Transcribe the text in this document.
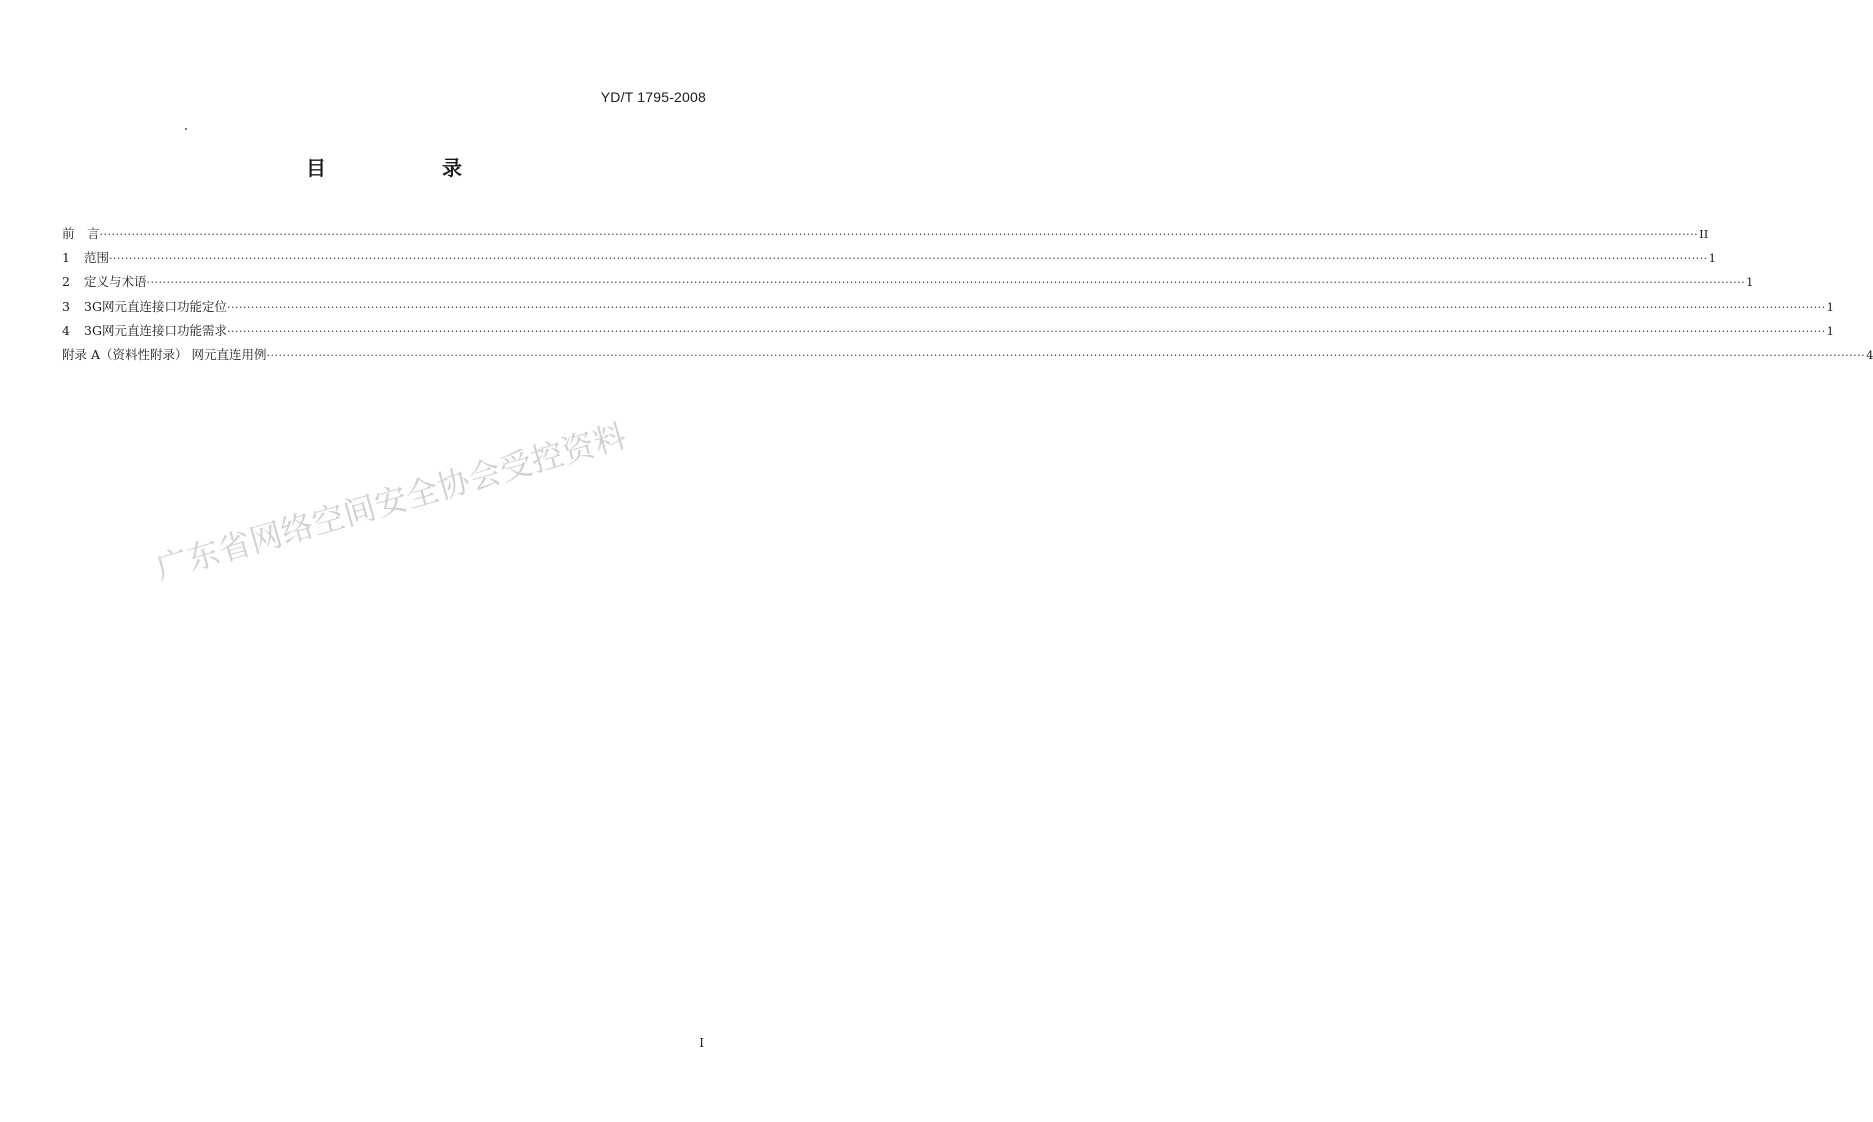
YD/T 1795-2008
目　录
前　言 ················································································································································································································································································································································································································ II
1	范围 ················································································································································································································································································································································································································ 1
2	定义与术语 ················································································································································································································································································································································································································ 1
3	3G网元直连接口功能定位 ················································································································································································································································································································································································································ 1
4	3G网元直连接口功能需求 ················································································································································································································································································································································································································ 1
附录 A（资料性附录） 网元直连用例 ················································································································································································································································································································································································································ 4
广东省网络空间安全协会受控资料
I
